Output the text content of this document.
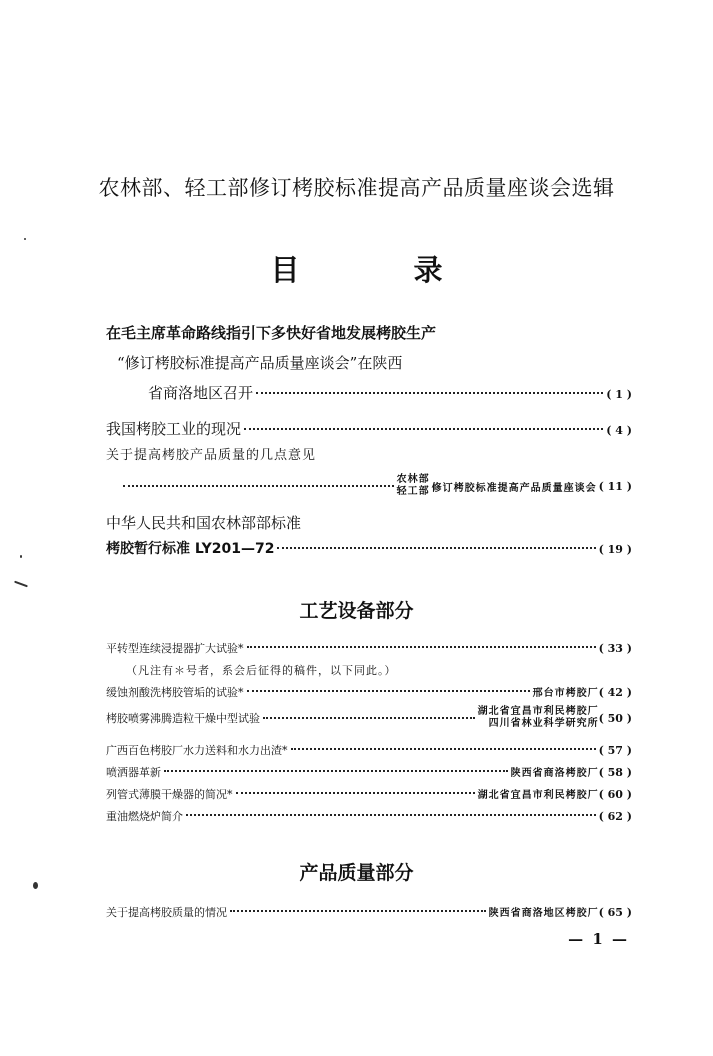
农林部、轻工部修订栲胶标准提高产品质量座谈会选辑
目 录
在毛主席革命路线指引下多快好省地发展栲胶生产
“修订栲胶标准提高产品质量座谈会”在陕西
省商洛地区召开	( 1 )
我国栲胶工业的现况	( 4 )
关于提高栲胶产品质量的几点意见
农林部
轻工部 修订栲胶标准提高产品质量座谈会 ( 11 )
中华人民共和国农林部部标准
栲胶暂行标准 LY201—72	( 19 )
工艺设备部分
平转型连续浸提器扩大试验*	( 33 )
（凡注有＊号者，系会后征得的稿件，以下同此。）
缓蚀剂酸洗栲胶管垢的试验*	邢台市栲胶厂 ( 42 )
栲胶喷雾沸腾造粒干燥中型试验
湖北省宜昌市利民栲胶厂
四川省林业科学研究所 ( 50 )
广西百色栲胶厂水力送料和水力出渣*	( 57 )
喷洒器革新	陕西省商洛栲胶厂 ( 58 )
列管式薄膜干燥器的简况*	湖北省宜昌市利民栲胶厂 ( 60 )
重油燃烧炉简介	( 62 )
产品质量部分
关于提高栲胶质量的情况	陕西省商洛地区栲胶厂 ( 65 )
— 1 —
